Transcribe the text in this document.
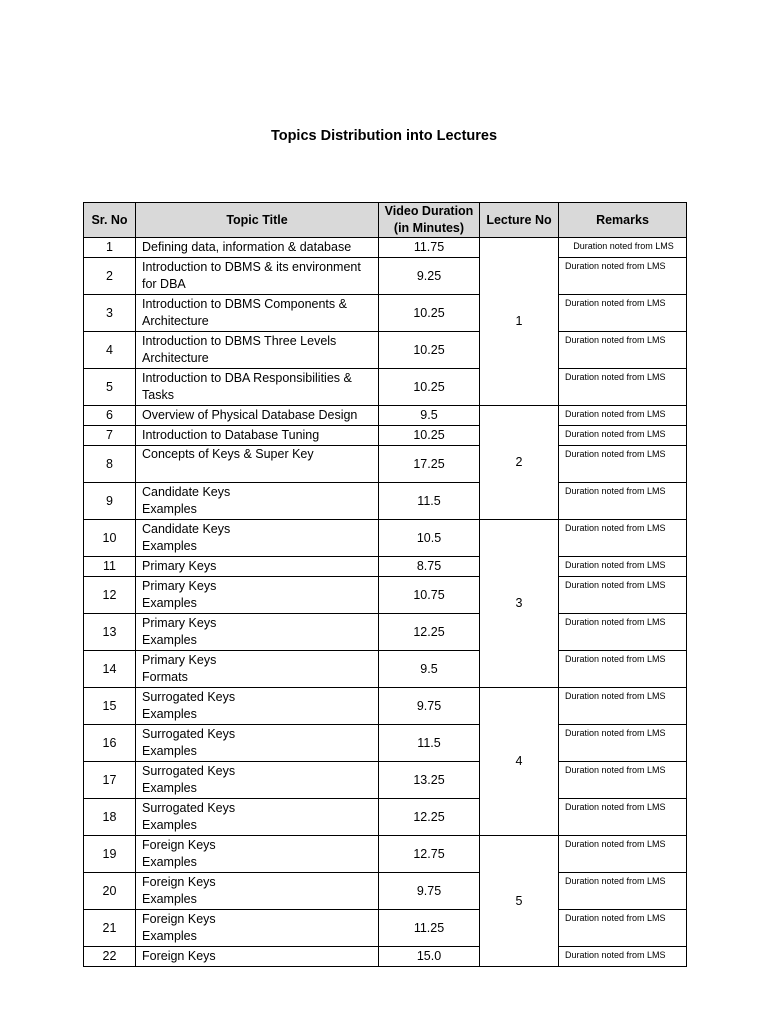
Topics Distribution into Lectures
Sr. No	Topic Title	Video Duration
(in Minutes)	Lecture No	Remarks
1	Defining data, information & database	11.75	1	Duration noted from LMS
2	Introduction to DBMS & its environment
for DBA	9.25		Duration noted from LMS
3	Introduction to DBMS Components &
Architecture	10.25		Duration noted from LMS
4	Introduction to DBMS Three Levels
Architecture	10.25		Duration noted from LMS
5	Introduction to DBA Responsibilities &
Tasks	10.25		Duration noted from LMS
6	Overview of Physical Database Design	9.5	2	Duration noted from LMS
7	Introduction to Database Tuning	10.25		Duration noted from LMS
8	Concepts of Keys & Super Key	17.25		Duration noted from LMS
9	Candidate Keys
Examples	11.5		Duration noted from LMS
10	Candidate Keys
Examples	10.5	3	Duration noted from LMS
11	Primary Keys	8.75		Duration noted from LMS
12	Primary Keys
Examples	10.75		Duration noted from LMS
13	Primary Keys
Examples	12.25		Duration noted from LMS
14	Primary Keys
Formats	9.5		Duration noted from LMS
15	Surrogated Keys
Examples	9.75	4	Duration noted from LMS
16	Surrogated Keys
Examples	11.5		Duration noted from LMS
17	Surrogated Keys
Examples	13.25		Duration noted from LMS
18	Surrogated Keys
Examples	12.25		Duration noted from LMS
19	Foreign Keys
Examples	12.75	5	Duration noted from LMS
20	Foreign Keys
Examples	9.75		Duration noted from LMS
21	Foreign Keys
Examples	11.25		Duration noted from LMS
22	Foreign Keys	15.0		Duration noted from LMS
